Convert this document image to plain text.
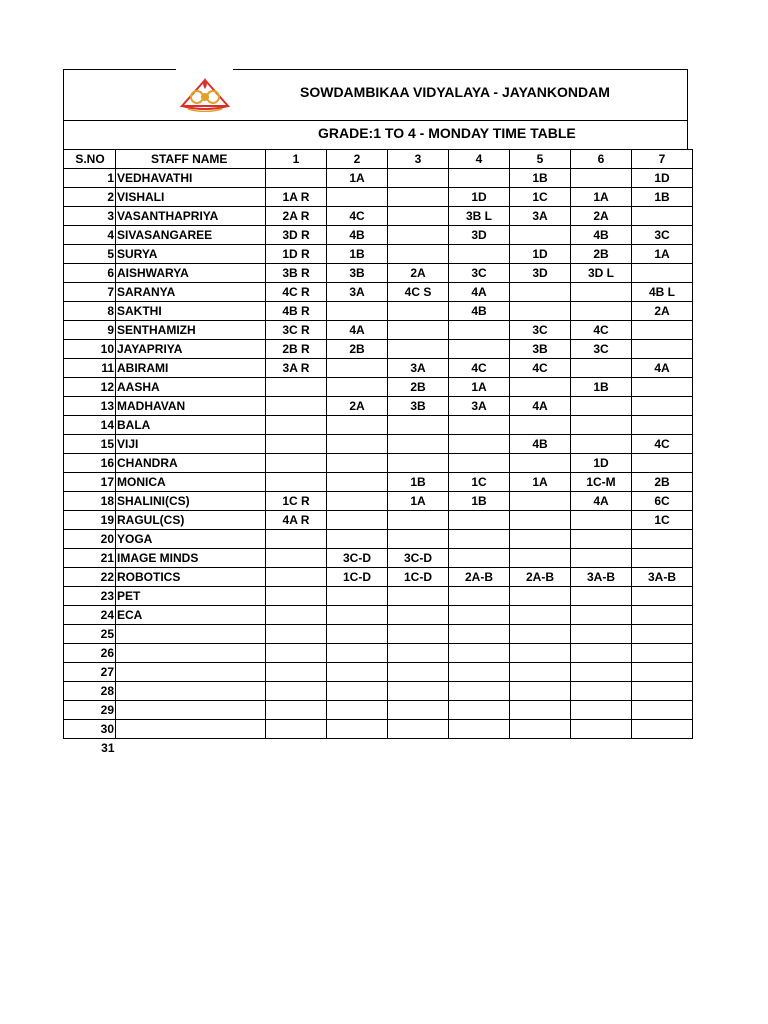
SOWDAMBIKAA VIDYALAYA - JAYANKONDAM
GRADE:1 TO 4 - MONDAY TIME TABLE
S.NO	STAFF NAME	1	2	3	4	5	6	7
1	VEDHAVATHI		1A			1B		1D
2	VISHALI	1A R			1D	1C	1A	1B
3	VASANTHAPRIYA	2A R	4C		3B L	3A	2A	
4	SIVASANGAREE	3D R	4B		3D		4B	3C
5	SURYA	1D R	1B			1D	2B	1A
6	AISHWARYA	3B R	3B	2A	3C	3D	3D L	
7	SARANYA	4C R	3A	4C S	4A			4B L
8	SAKTHI	4B R			4B			2A
9	SENTHAMIZH	3C R	4A			3C	4C	
10	JAYAPRIYA	2B R	2B			3B	3C	
11	ABIRAMI	3A R		3A	4C	4C		4A
12	AASHA			2B	1A		1B	
13	MADHAVAN		2A	3B	3A	4A		
14	BALA							
15	VIJI					4B		4C
16	CHANDRA						1D	
17	MONICA			1B	1C	1A	1C-M	2B
18	SHALINI(CS)	1C R		1A	1B		4A	6C
19	RAGUL(CS)	4A R						1C
20	YOGA							
21	IMAGE MINDS		3C-D	3C-D				
22	ROBOTICS		1C-D	1C-D	2A-B	2A-B	3A-B	3A-B
23	PET							
24	ECA							
25								
26								
27								
28								
29								
30								
31								
